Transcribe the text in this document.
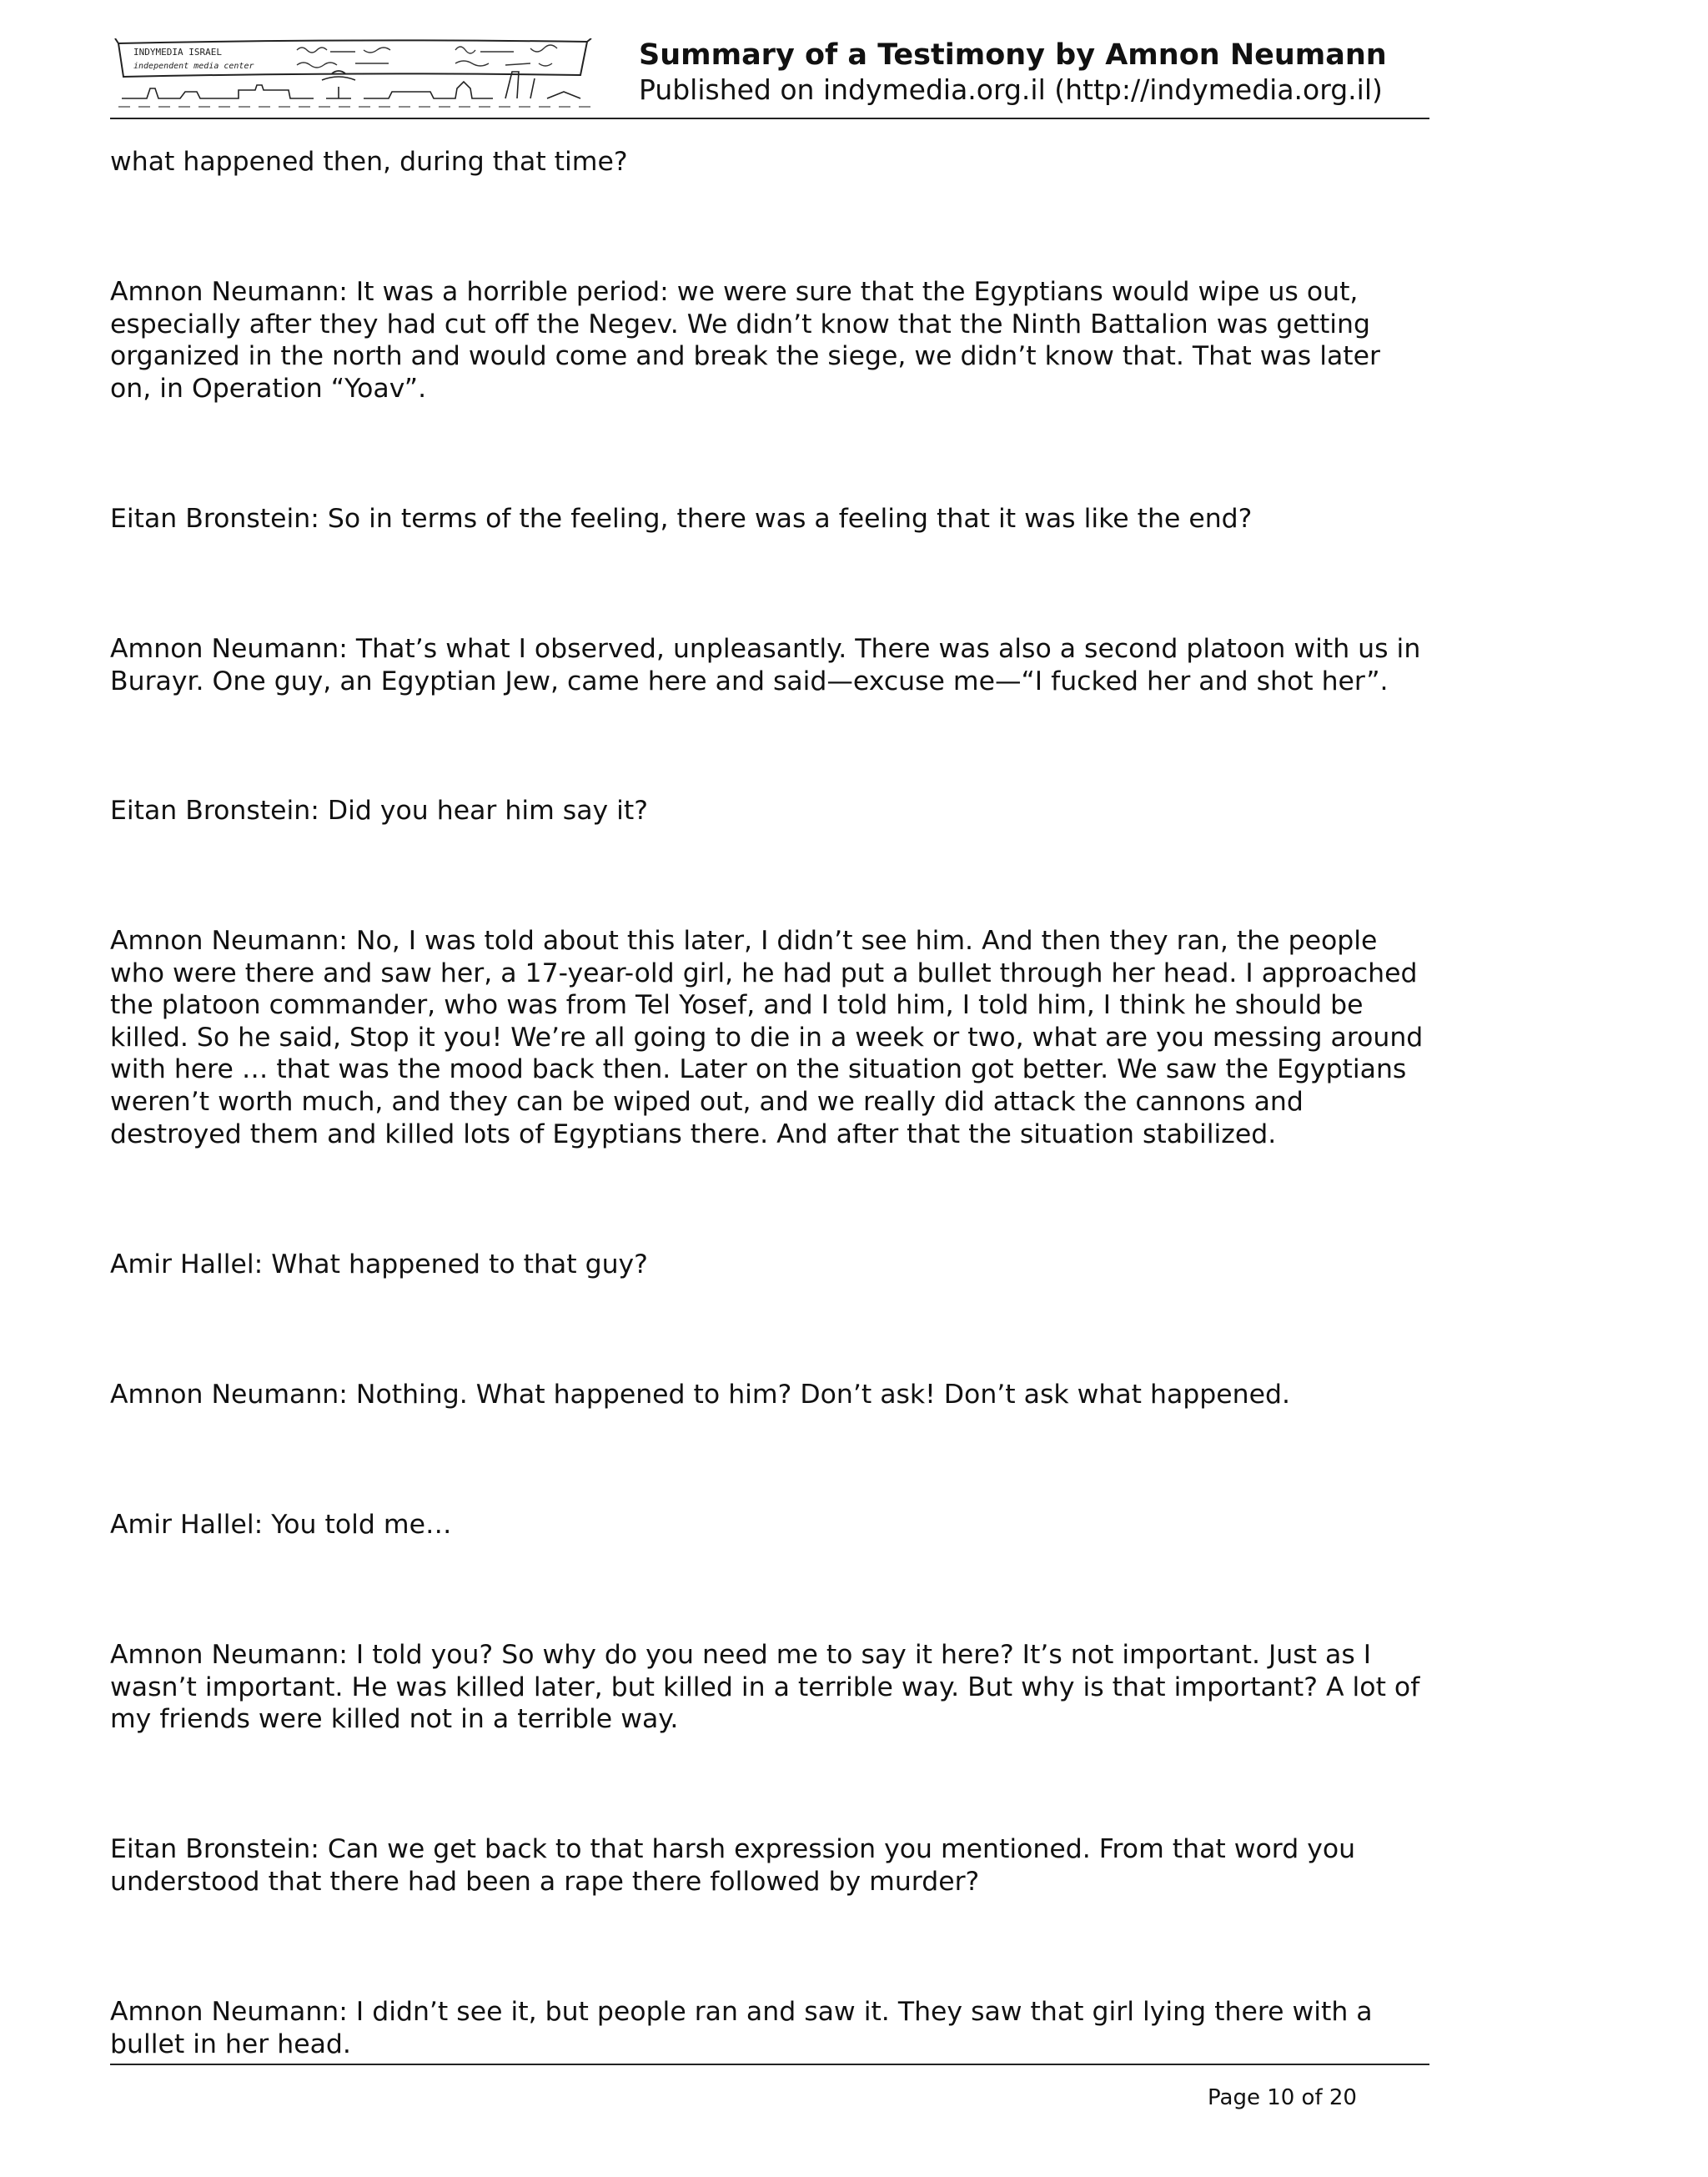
INDYMEDIA ISRAEL
independent media center	Summary of a Testimony by Amnon Neumann
Published on indymedia.org.il (http://indymedia.org.il)

what happened then, during that time?

Amnon Neumann: It was a horrible period: we were sure that the Egyptians would wipe us out, especially after they had cut off the Negev. We didn’t know that the Ninth Battalion was getting organized in the north and would come and break the siege, we didn’t know that. That was later on, in Operation “Yoav”.

Eitan Bronstein: So in terms of the feeling, there was a feeling that it was like the end?

Amnon Neumann: That’s what I observed, unpleasantly. There was also a second platoon with us in Burayr. One guy, an Egyptian Jew, came here and said—excuse me—“I fucked her and shot her”.

Eitan Bronstein: Did you hear him say it?

Amnon Neumann: No, I was told about this later, I didn’t see him. And then they ran, the people who were there and saw her, a 17-year-old girl, he had put a bullet through her head. I approached the platoon commander, who was from Tel Yosef, and I told him, I told him, I think he should be killed. So he said, Stop it you! We’re all going to die in a week or two, what are you messing around with here … that was the mood back then. Later on the situation got better. We saw the Egyptians weren’t worth much, and they can be wiped out, and we really did attack the cannons and destroyed them and killed lots of Egyptians there. And after that the situation stabilized.

Amir Hallel: What happened to that guy?

Amnon Neumann: Nothing. What happened to him? Don’t ask! Don’t ask what happened.

Amir Hallel: You told me…

Amnon Neumann: I told you? So why do you need me to say it here? It’s not important. Just as I wasn’t important. He was killed later, but killed in a terrible way. But why is that important? A lot of my friends were killed not in a terrible way.

Eitan Bronstein: Can we get back to that harsh expression you mentioned. From that word you understood that there had been a rape there followed by murder?

Amnon Neumann: I didn’t see it, but people ran and saw it. They saw that girl lying there with a bullet in her head.

Page 10 of 20
